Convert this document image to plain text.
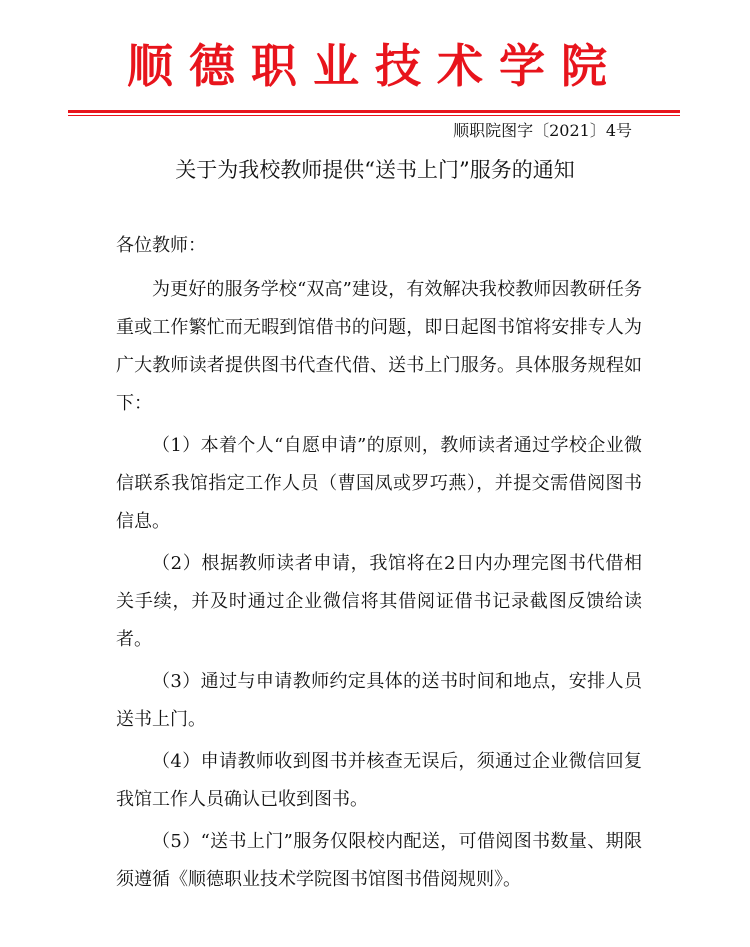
顺德职业技术学院
顺职院图字〔2021〕4号
关于为我校教师提供“送书上门”服务的通知
各位教师：

为更好的服务学校“双高”建设，有效解决我校教师因教研任务重或工作繁忙而无暇到馆借书的问题，即日起图书馆将安排专人为广大教师读者提供图书代查代借、送书上门服务。具体服务规程如下：

（1）本着个人“自愿申请”的原则，教师读者通过学校企业微信联系我馆指定工作人员（曹国凤或罗巧燕），并提交需借阅图书信息。

（2）根据教师读者申请，我馆将在2日内办理完图书代借相关手续，并及时通过企业微信将其借阅证借书记录截图反馈给读者。

（3）通过与申请教师约定具体的送书时间和地点，安排人员送书上门。

（4）申请教师收到图书并核查无误后，须通过企业微信回复我馆工作人员确认已收到图书。

（5）“送书上门”服务仅限校内配送，可借阅图书数量、期限须遵循《顺德职业技术学院图书馆图书借阅规则》。
